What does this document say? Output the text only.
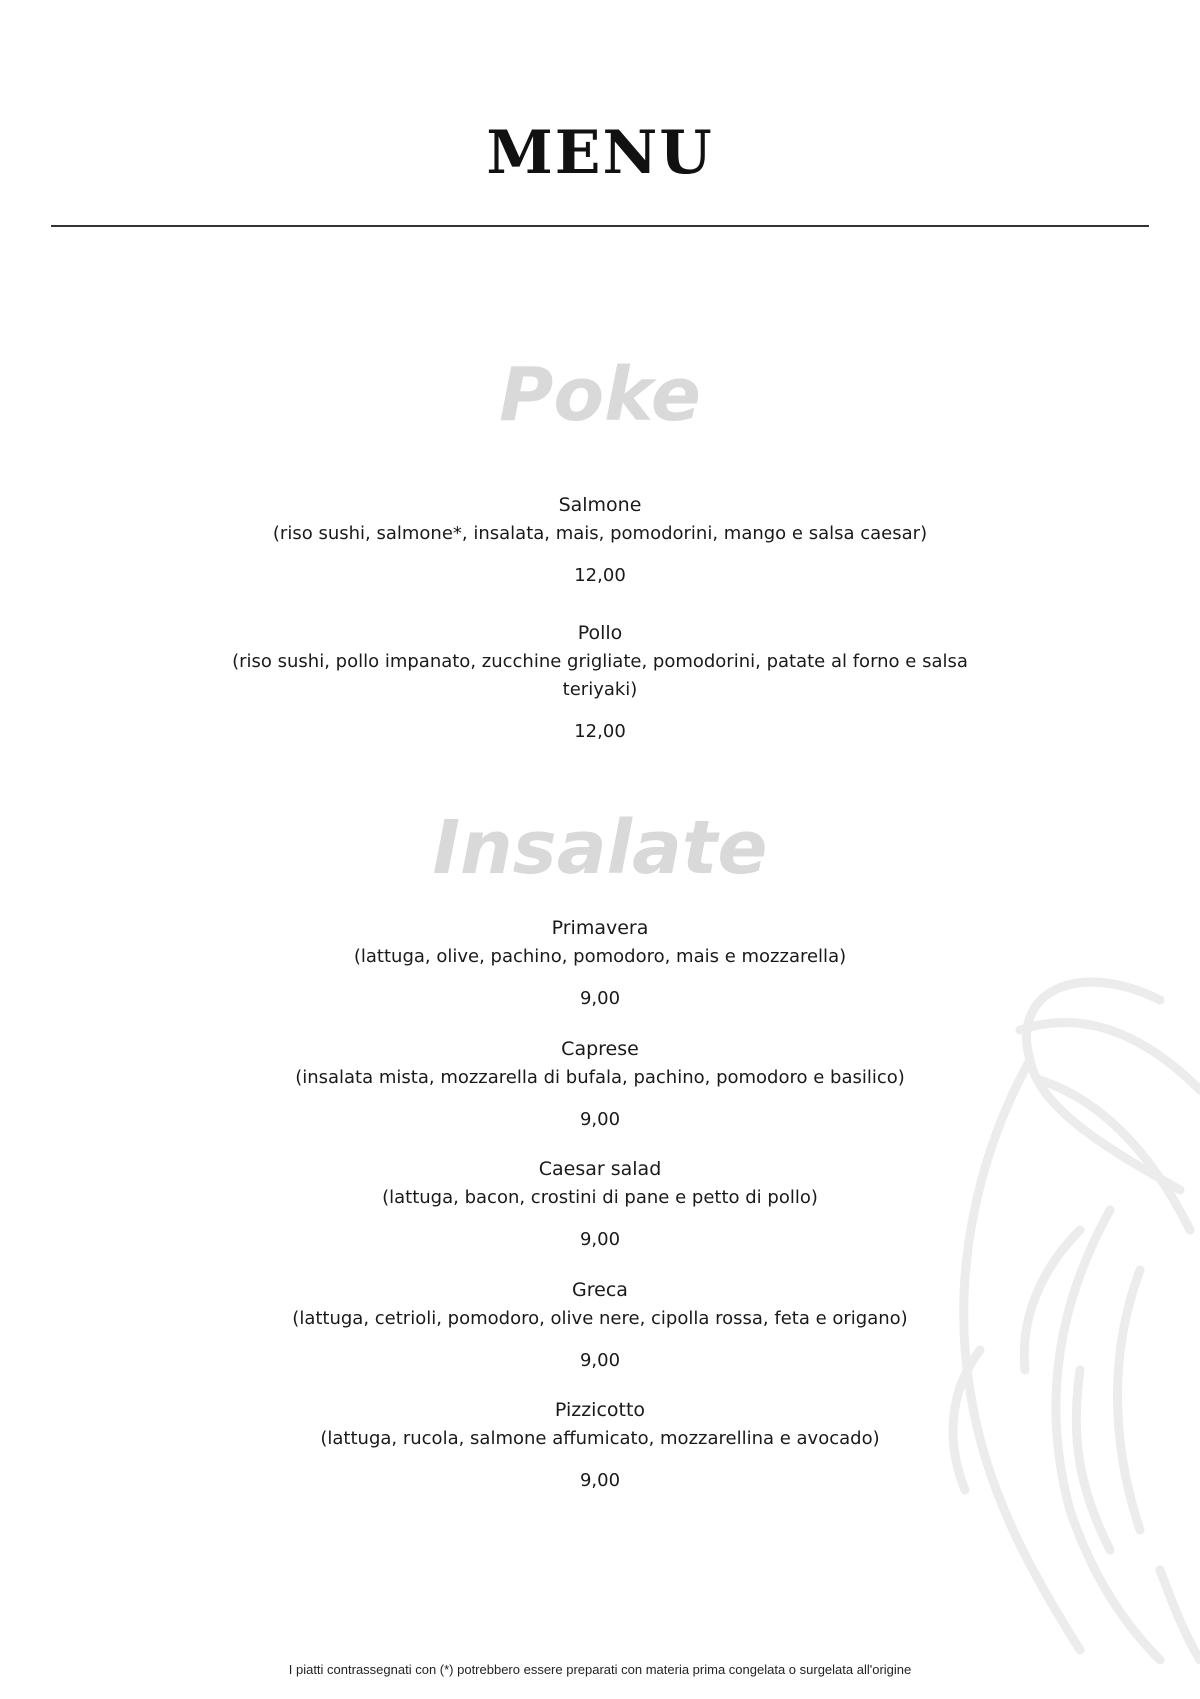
MENU
Poke
Salmone
(riso sushi, salmone*, insalata, mais, pomodorini, mango e salsa caesar)
12,00
Pollo
(riso sushi, pollo impanato, zucchine grigliate, pomodorini, patate al forno e salsa teriyaki)
12,00
Insalate
Primavera
(lattuga, olive, pachino, pomodoro, mais e mozzarella)
9,00
Caprese
(insalata mista, mozzarella di bufala, pachino, pomodoro e basilico)
9,00
Caesar salad
(lattuga, bacon, crostini di pane e petto di pollo)
9,00
Greca
(lattuga, cetrioli, pomodoro, olive nere, cipolla rossa, feta e origano)
9,00
Pizzicotto
(lattuga, rucola, salmone affumicato, mozzarellina e avocado)
9,00
I piatti contrassegnati con (*) potrebbero essere preparati con materia prima congelata o surgelata all'origine
